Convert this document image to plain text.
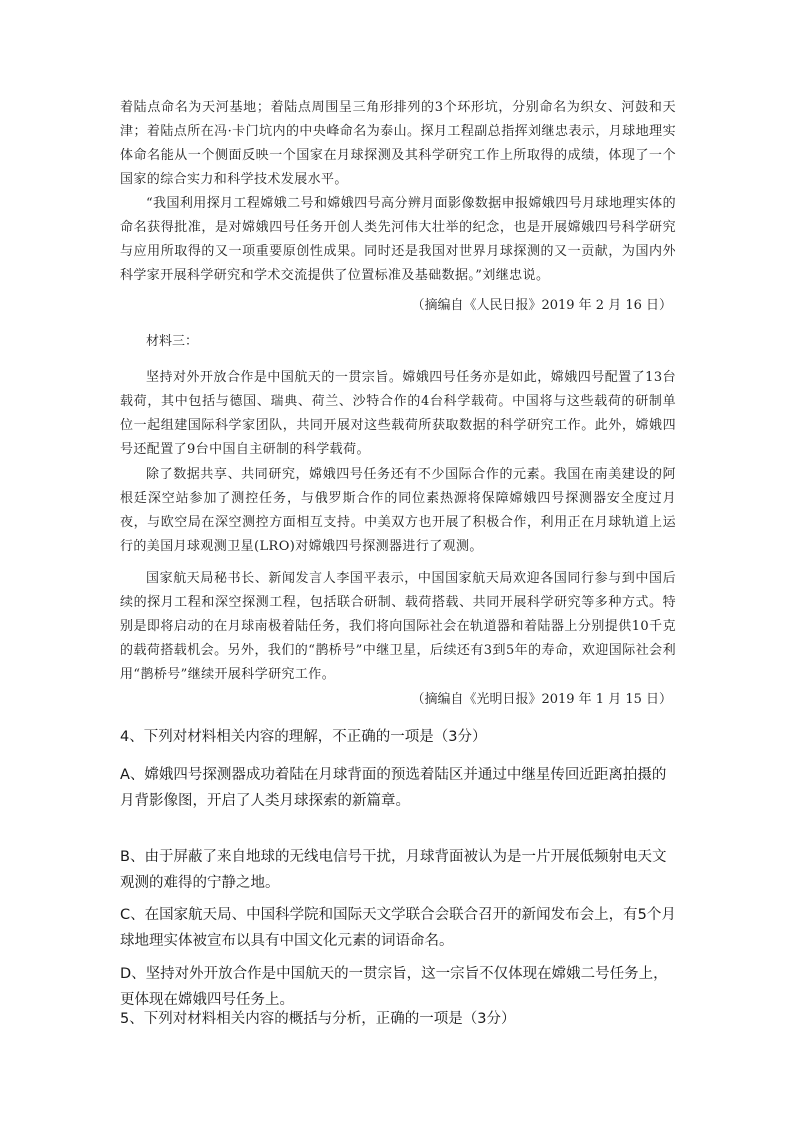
着陆点命名为天河基地；着陆点周围呈三角形排列的3个环形坑，分别命名为织女、河鼓和天津；着陆点所在冯·卡门坑内的中央峰命名为泰山。探月工程副总指挥刘继忠表示，月球地理实体命名能从一个侧面反映一个国家在月球探测及其科学研究工作上所取得的成绩，体现了一个国家的综合实力和科学技术发展水平。

“我国利用探月工程嫦娥二号和嫦娥四号高分辨月面影像数据申报嫦娥四号月球地理实体的命名获得批准，是对嫦娥四号任务开创人类先河伟大壮举的纪念，也是开展嫦娥四号科学研究与应用所取得的又一项重要原创性成果。同时还是我国对世界月球探测的又一贡献，为国内外科学家开展科学研究和学术交流提供了位置标准及基础数据。”刘继忠说。

（摘编自《人民日报》2019 年 2 月 16 日）

材料三：

坚持对外开放合作是中国航天的一贯宗旨。嫦娥四号任务亦是如此，嫦娥四号配置了13台载荷，其中包括与德国、瑞典、荷兰、沙特合作的4台科学载荷。中国将与这些载荷的研制单位一起组建国际科学家团队，共同开展对这些载荷所获取数据的科学研究工作。此外，嫦娥四号还配置了9台中国自主研制的科学载荷。

除了数据共享、共同研究，嫦娥四号任务还有不少国际合作的元素。我国在南美建设的阿根廷深空站参加了测控任务，与俄罗斯合作的同位素热源将保障嫦娥四号探测器安全度过月夜，与欧空局在深空测控方面相互支持。中美双方也开展了积极合作，利用正在月球轨道上运行的美国月球观测卫星(LRO)对嫦娥四号探测器进行了观测。

国家航天局秘书长、新闻发言人李国平表示，中国国家航天局欢迎各国同行参与到中国后续的探月工程和深空探测工程，包括联合研制、载荷搭载、共同开展科学研究等多种方式。特别是即将启动的在月球南极着陆任务，我们将向国际社会在轨道器和着陆器上分别提供10千克的载荷搭载机会。另外，我们的“鹊桥号”中继卫星，后续还有3到5年的寿命，欢迎国际社会利用“鹊桥号”继续开展科学研究工作。

（摘编自《光明日报》2019 年 1 月 15 日）

4、下列对材料相关内容的理解，不正确的一项是（3分）

A、嫦娥四号探测器成功着陆在月球背面的预选着陆区并通过中继星传回近距离拍摄的月背影像图，开启了人类月球探索的新篇章。

B、由于屏蔽了来自地球的无线电信号干扰，月球背面被认为是一片开展低频射电天文观测的难得的宁静之地。

C、在国家航天局、中国科学院和国际天文学联合会联合召开的新闻发布会上，有5个月球地理实体被宣布以具有中国文化元素的词语命名。

D、坚持对外开放合作是中国航天的一贯宗旨，这一宗旨不仅体现在嫦娥二号任务上，更体现在嫦娥四号任务上。

5、下列对材料相关内容的概括与分析，正确的一项是（3分）
